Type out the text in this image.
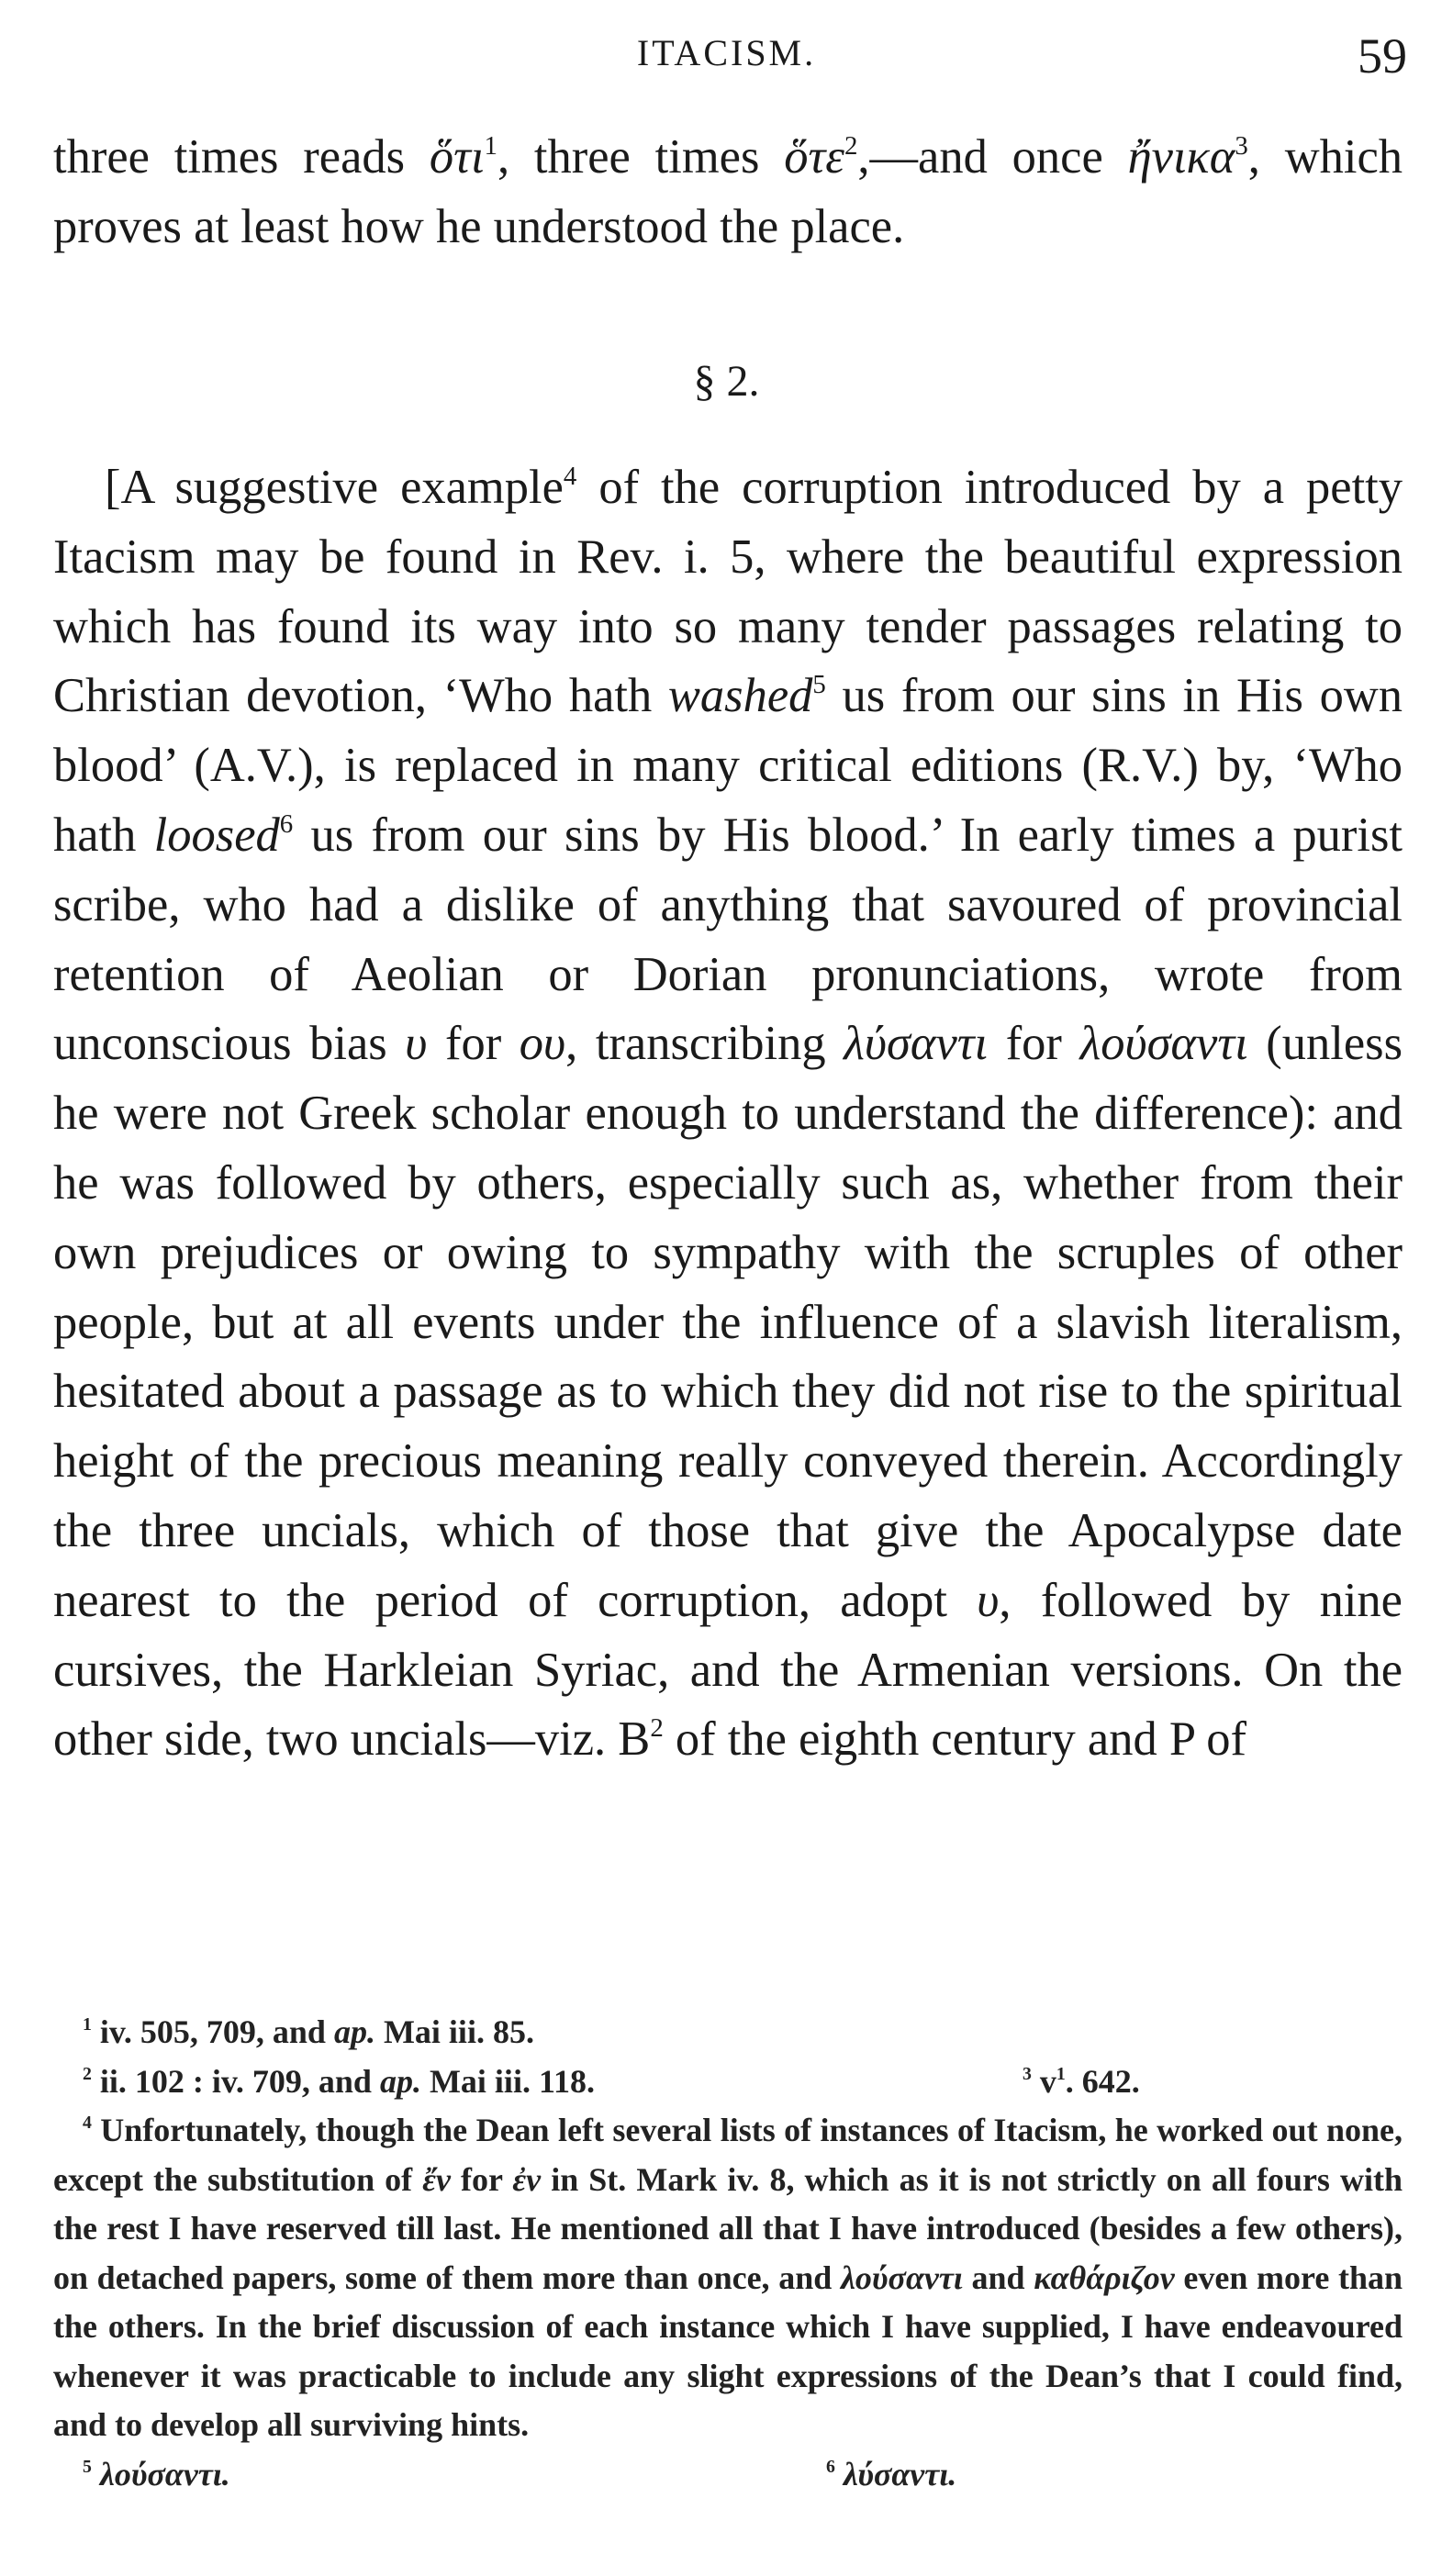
ITACISM.	59

three times reads ὅτι$^1$, three times ὅτε$^2$,—and once ἤνικα$^3$, which proves at least how he understood the place.

§ 2.

[A suggestive example$^4$ of the corruption introduced by a petty Itacism may be found in Rev. i. 5, where the beautiful expression which has found its way into so many tender passages relating to Christian devotion, ‘Who hath washed$^5$ us from our sins in His own blood’ (A.V.), is replaced in many critical editions (R.V.) by, ‘Who hath loosed$^6$ us from our sins by His blood.’ In early times a purist scribe, who had a dislike of anything that savoured of provincial retention of Aeolian or Dorian pronunciations, wrote from unconscious bias υ for ου, transcribing λύσαντι for λούσαντι (unless he were not Greek scholar enough to understand the difference): and he was followed by others, especially such as, whether from their own prejudices or owing to sympathy with the scruples of other people, but at all events under the influence of a slavish literalism, hesitated about a passage as to which they did not rise to the spiritual height of the precious meaning really conveyed therein. Accordingly the three uncials, which of those that give the Apocalypse date nearest to the period of corruption, adopt υ, followed by nine cursives, the Harkleian Syriac, and the Armenian versions. On the other side, two uncials—viz. $B^2$ of the eighth century and P of

$^1$ iv. 505, 709, and ap. Mai iii. 85.
$^2$ ii. 102 : iv. 709, and ap. Mai iii. 118.	$^3$ $v^1$. 642.
$^4$ Unfortunately, though the Dean left several lists of instances of Itacism, he worked out none, except the substitution of ἔν for ἐν in St. Mark iv. 8, which as it is not strictly on all fours with the rest I have reserved till last. He mentioned all that I have introduced (besides a few others), on detached papers, some of them more than once, and λούσαντι and καθάριζον even more than the others. In the brief discussion of each instance which I have supplied, I have endeavoured whenever it was practicable to include any slight expressions of the Dean’s that I could find, and to develop all surviving hints.
$^5$ λούσαντι.	$^6$ λύσαντι.
